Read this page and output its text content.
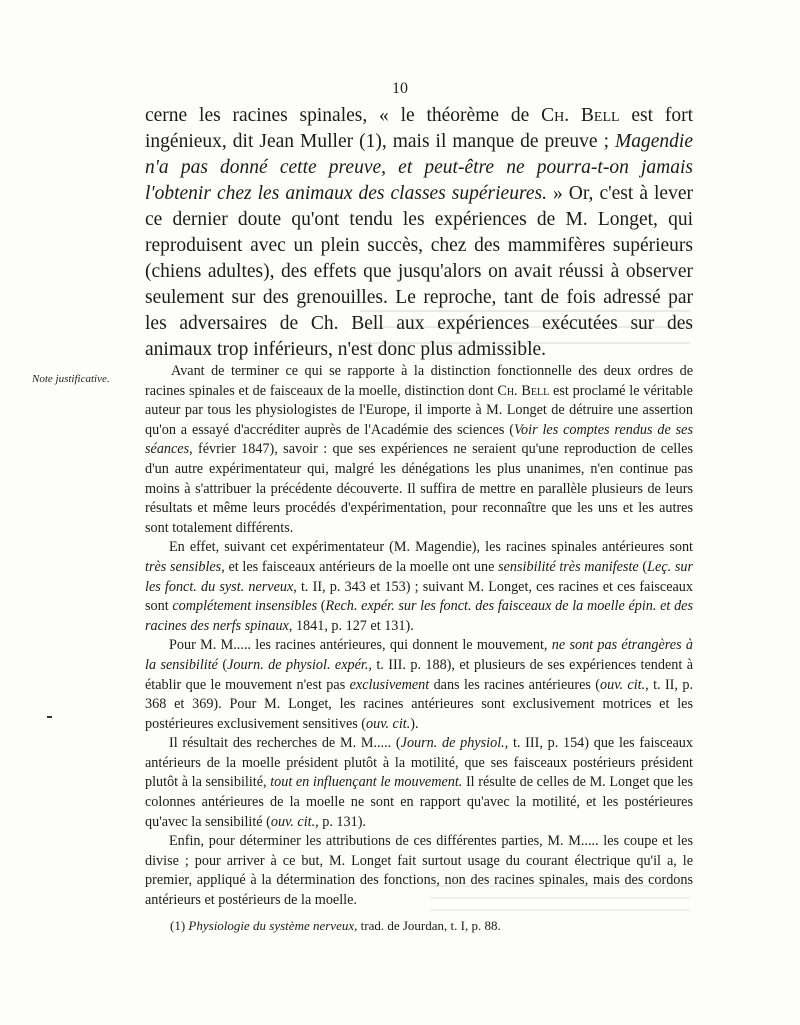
10

cerne les racines spinales, « le théorème de Ch. Bell est fort ingénieux, dit Jean Muller (1), mais il manque de preuve ; Magendie n'a pas donné cette preuve, et peut-être ne pourra-t-on jamais l'obtenir chez les animaux des classes supérieures. » Or, c'est à lever ce dernier doute qu'ont tendu les expériences de M. Longet, qui reproduisent avec un plein succès, chez des mammifères supérieurs (chiens adultes), des effets que jusqu'alors on avait réussi à observer seulement sur des grenouilles. Le reproche, tant de fois adressé par les adversaires de Ch. Bell aux expériences exécutées sur des animaux trop inférieurs, n'est donc plus admissible.

Note justificative.	Avant de terminer ce qui se rapporte à la distinction fonctionnelle des deux ordres de racines spinales et de faisceaux de la moelle, distinction dont Ch. Bell est proclamé le véritable auteur par tous les physiologistes de l'Europe, il importe à M. Longet de détruire une assertion qu'on a essayé d'accréditer auprès de l'Académie des sciences (Voir les comptes rendus de ses séances, février 1847), savoir : que ses expériences ne seraient qu'une reproduction de celles d'un autre expérimentateur qui, malgré les dénégations les plus unanimes, n'en continue pas moins à s'attribuer la précédente découverte. Il suffira de mettre en parallèle plusieurs de leurs résultats et même leurs procédés d'expérimentation, pour reconnaître que les uns et les autres sont totalement différents.

En effet, suivant cet expérimentateur (M. Magendie), les racines spinales antérieures sont très sensibles, et les faisceaux antérieurs de la moelle ont une sensibilité très manifeste (Leç. sur les fonct. du syst. nerveux, t. II, p. 343 et 153) ; suivant M. Longet, ces racines et ces faisceaux sont complétement insensibles (Rech. expér. sur les fonct. des faisceaux de la moelle épin. et des racines des nerfs spinaux, 1841, p. 127 et 131).

Pour M. M..... les racines antérieures, qui donnent le mouvement, ne sont pas étrangères à la sensibilité (Journ. de physiol. expér., t. III. p. 188), et plusieurs de ses expériences tendent à établir que le mouvement n'est pas exclusivement dans les racines antérieures (ouv. cit., t. II, p. 368 et 369). Pour M. Longet, les racines antérieures sont exclusivement motrices et les postérieures exclusivement sensitives (ouv. cit.).

Il résultait des recherches de M. M..... (Journ. de physiol., t. III, p. 154) que les faisceaux antérieurs de la moelle président plutôt à la motilité, que ses faisceaux postérieurs président plutôt à la sensibilité, tout en influençant le mouvement. Il résulte de celles de M. Longet que les colonnes antérieures de la moelle ne sont en rapport qu'avec la motilité, et les postérieures qu'avec la sensibilité (ouv. cit., p. 131).

Enfin, pour déterminer les attributions de ces différentes parties, M. M..... les coupe et les divise ; pour arriver à ce but, M. Longet fait surtout usage du courant électrique qu'il a, le premier, appliqué à la détermination des fonctions, non des racines spinales, mais des cordons antérieurs et postérieurs de la moelle.

(1) Physiologie du système nerveux, trad. de Jourdan, t. I, p. 88.
